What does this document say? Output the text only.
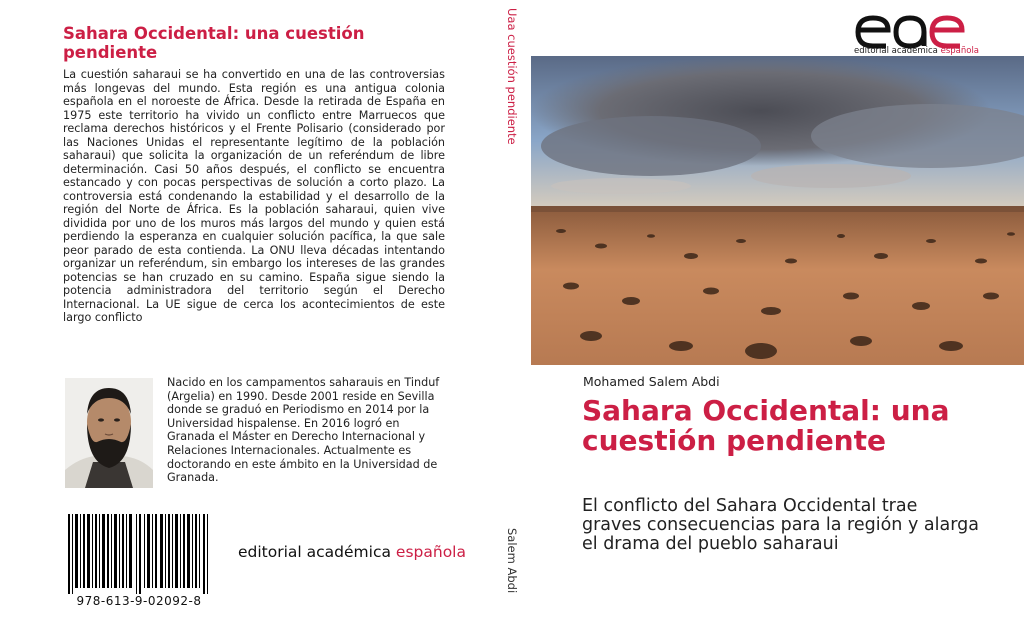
Sahara Occidental: una cuestión pendiente

La cuestión saharaui se ha convertido en una de las controversias más longevas del mundo. Esta región es una antigua colonia española en el noroeste de África. Desde la retirada de España en 1975 este territorio ha vivido un conflicto entre Marruecos que reclama derechos históricos y el Frente Polisario (considerado por las Naciones Unidas el representante legítimo de la población saharaui) que solicita la organización de un referéndum de libre determinación. Casi 50 años después, el conflicto se encuentra estancado y con pocas perspectivas de solución a corto plazo. La controversia está condenando la estabilidad y el desarrollo de la región del Norte de África. Es la población saharaui, quien vive dividida por uno de los muros más largos del mundo y quien está perdiendo la esperanza en cualquier solución pacífica, la que sale peor parado de esta contienda. La ONU lleva décadas intentando organizar un referéndum, sin embargo los intereses de las grandes potencias se han cruzado en su camino. España sigue siendo la potencia administradora del territorio según el Derecho Internacional. La UE sigue de cerca los acontecimientos de este largo conflicto

Nacido en los campamentos saharauis en Tinduf (Argelia) en 1990. Desde 2001 reside en Sevilla donde se graduó en Periodismo en 2014 por la Universidad hispalense. En 2016 logró en Granada el Máster en Derecho Internacional y Relaciones Internacionales. Actualmente es doctorando en este ámbito en la Universidad de Granada.

978-613-9-02092-8
editorial académica española
Uaa cuestión pendiente
Salem Abdi
editorial académica española
Mohamed Salem Abdi
Sahara Occidental: una cuestión pendiente

El conflicto del Sahara Occidental trae graves consecuencias para la región y alarga el drama del pueblo saharaui
